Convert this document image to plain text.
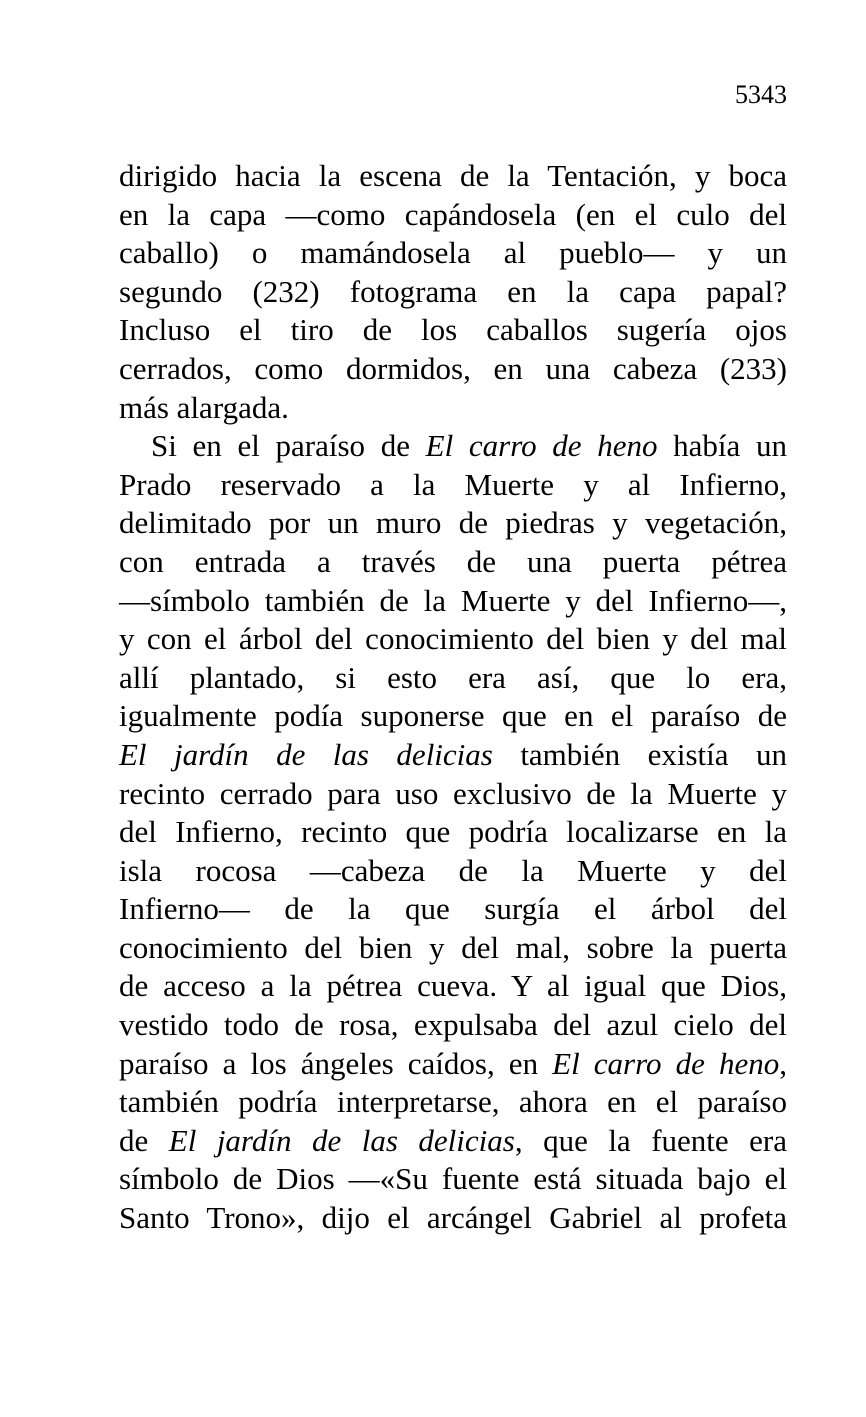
5343
dirigido hacia la escena de la Tentación, y boca
en la capa —como capándosela (en el culo del
caballo) o mamándosela al pueblo— y un
segundo (232) fotograma en la capa papal?
Incluso el tiro de los caballos sugería ojos
cerrados, como dormidos, en una cabeza (233)
más alargada.
Si en el paraíso de El carro de heno había un
Prado reservado a la Muerte y al Infierno,
delimitado por un muro de piedras y vegetación,
con entrada a través de una puerta pétrea
—símbolo también de la Muerte y del Infierno—,
y con el árbol del conocimiento del bien y del mal
allí plantado, si esto era así, que lo era,
igualmente podía suponerse que en el paraíso de
El jardín de las delicias también existía un
recinto cerrado para uso exclusivo de la Muerte y
del Infierno, recinto que podría localizarse en la
isla rocosa —cabeza de la Muerte y del
Infierno— de la que surgía el árbol del
conocimiento del bien y del mal, sobre la puerta
de acceso a la pétrea cueva. Y al igual que Dios,
vestido todo de rosa, expulsaba del azul cielo del
paraíso a los ángeles caídos, en El carro de heno,
también podría interpretarse, ahora en el paraíso
de El jardín de las delicias, que la fuente era
símbolo de Dios —«Su fuente está situada bajo el
Santo Trono», dijo el arcángel Gabriel al profeta
